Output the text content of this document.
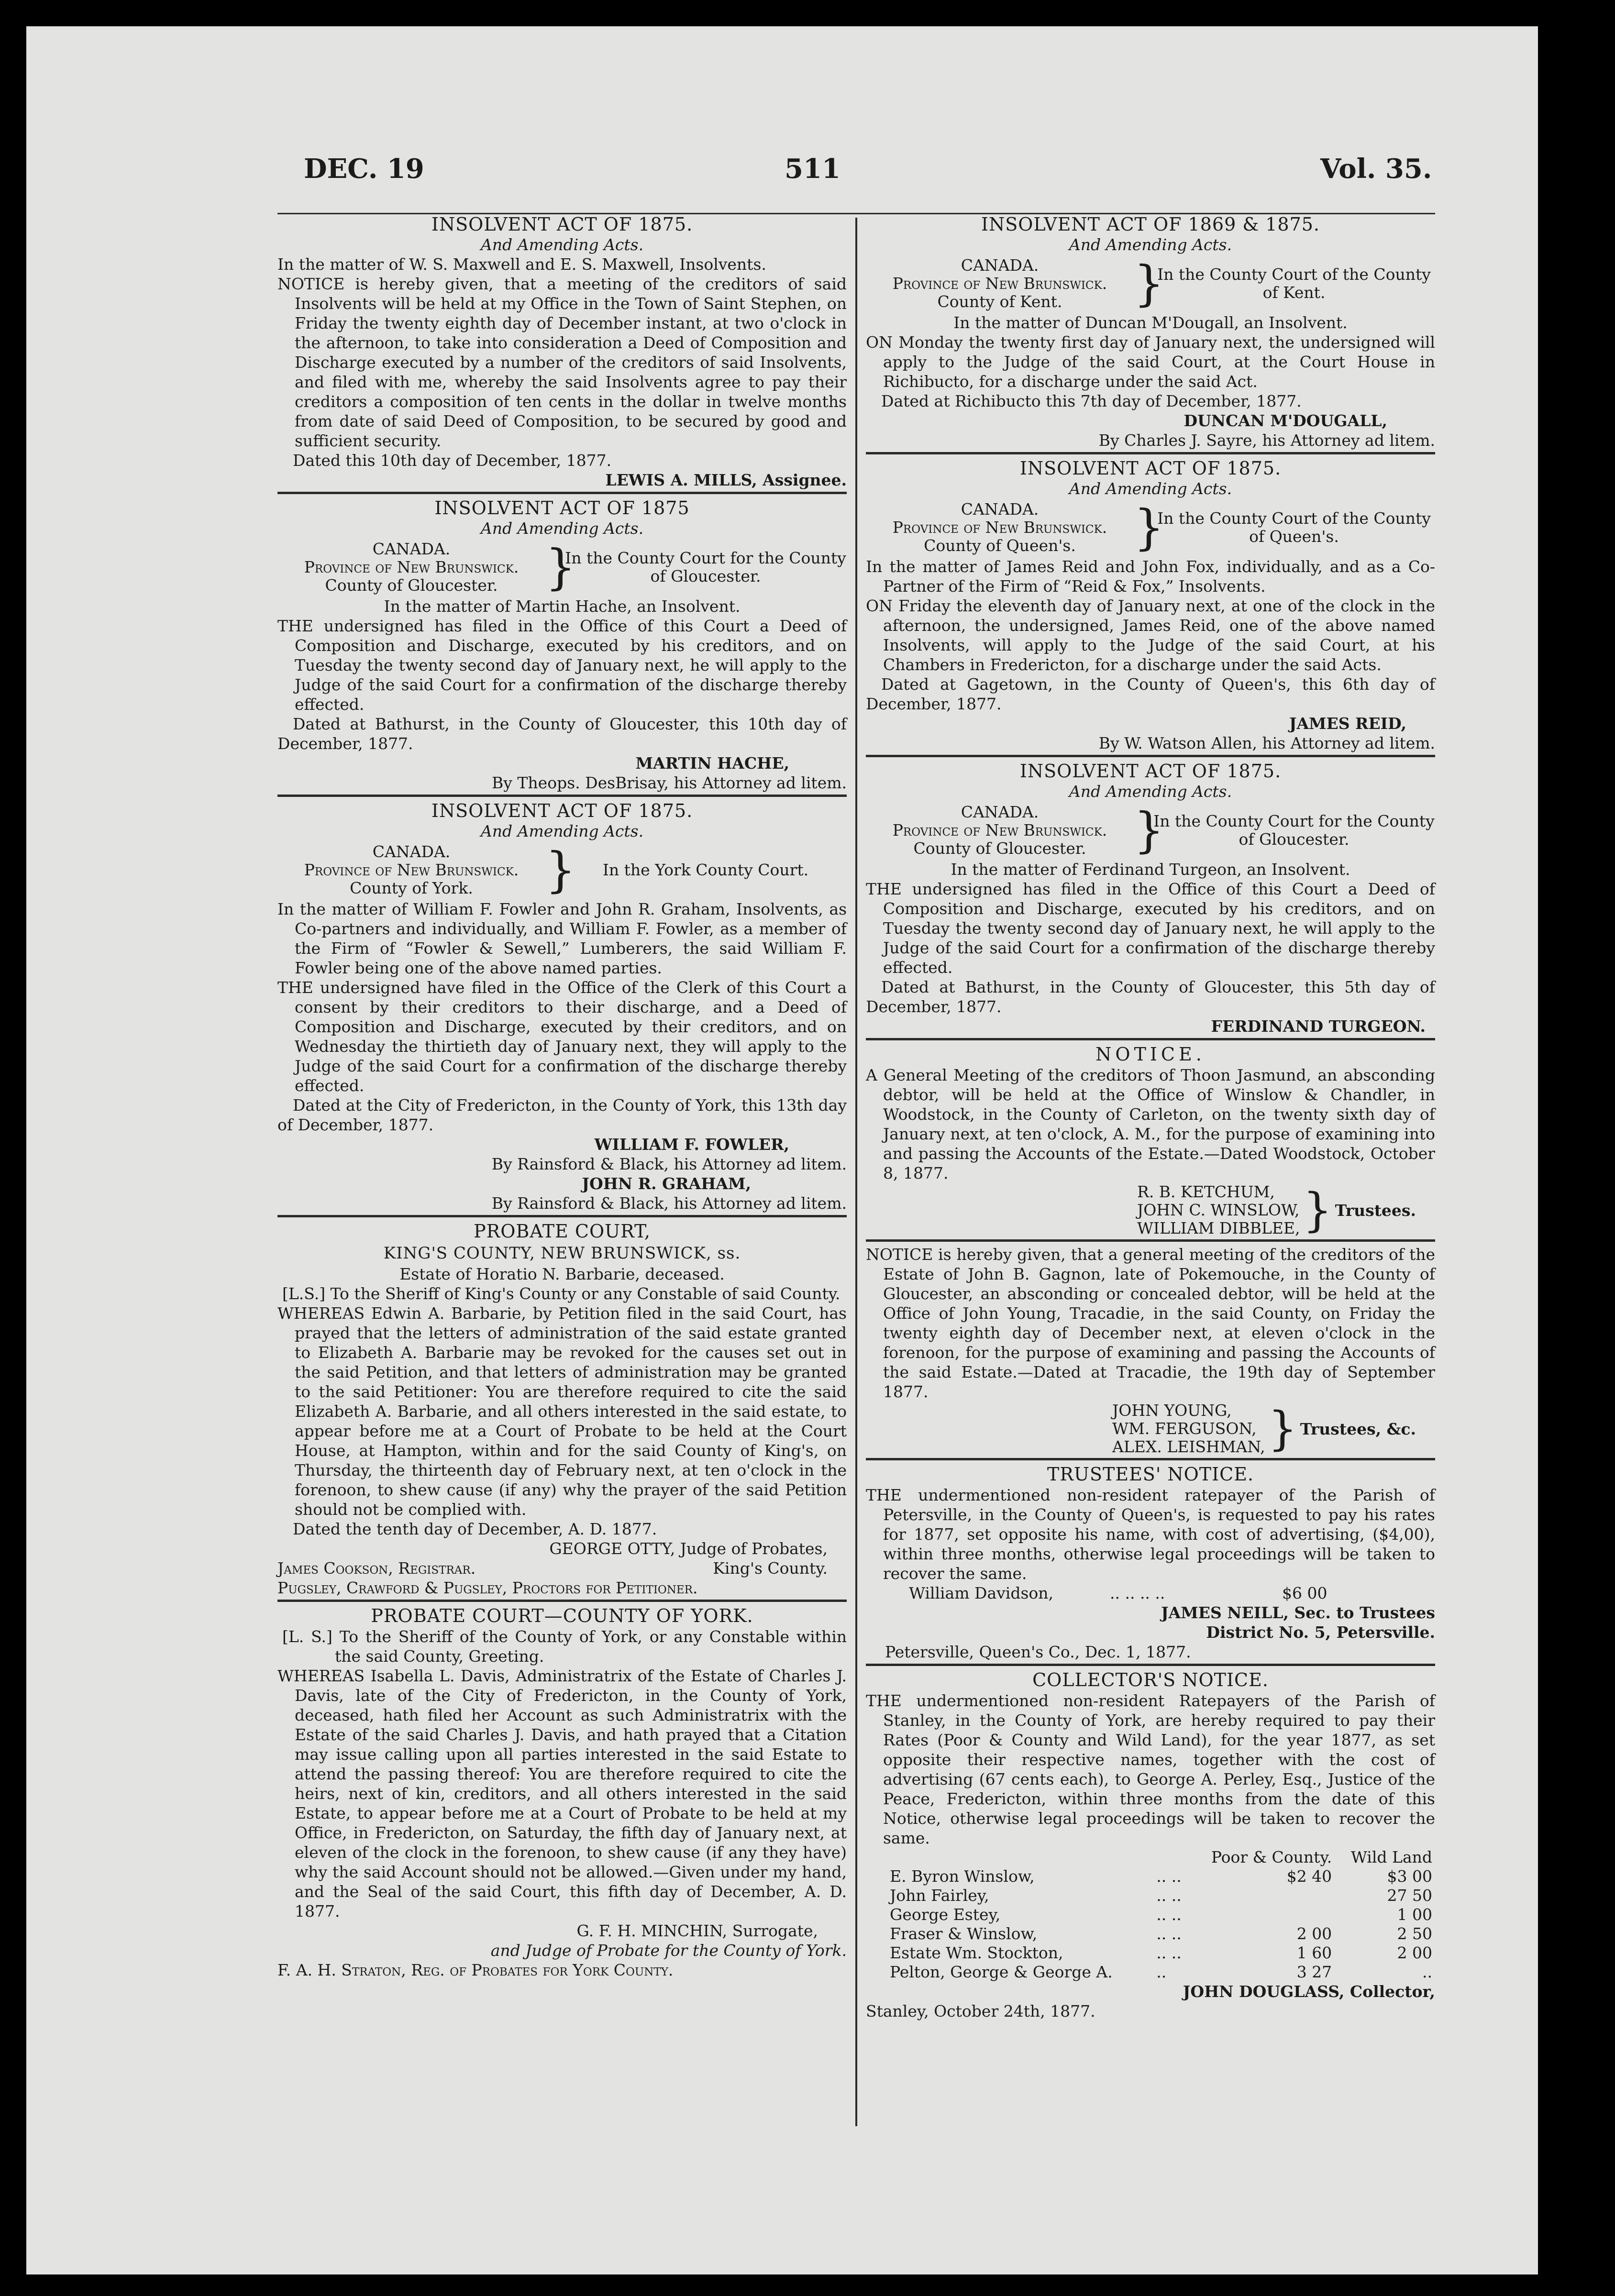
DEC. 19	511	Vol. 35.
INSOLVENT ACT OF 1875.
And Amending Acts.

In the matter of W. S. Maxwell and E. S. Maxwell, Insolvents.

NOTICE is hereby given, that a meeting of the creditors of said Insolvents will be held at my Office in the Town of Saint Stephen, on Friday the twenty eighth day of December instant, at two o'clock in the afternoon, to take into consideration a Deed of Composition and Discharge executed by a number of the creditors of said Insolvents, and filed with me, whereby the said Insolvents agree to pay their creditors a composition of ten cents in the dollar in twelve months from date of said Deed of Composition, to be secured by good and sufficient security.

Dated this 10th day of December, 1877.

LEWIS A. MILLS, Assignee.

INSOLVENT ACT OF 1875
And Amending Acts.
CANADA.
Province of New Brunswick.
County of Gloucester. }
In the County Court for the County of Gloucester.

In the matter of Martin Hache, an Insolvent.

THE undersigned has filed in the Office of this Court a Deed of Composition and Discharge, executed by his creditors, and on Tuesday the twenty second day of January next, he will apply to the Judge of the said Court for a confirmation of the discharge thereby effected.

Dated at Bathurst, in the County of Gloucester, this 10th day of December, 1877.

MARTIN HACHE,

By Theops. DesBrisay, his Attorney ad litem.

INSOLVENT ACT OF 1875.
And Amending Acts.
CANADA.
Province of New Brunswick.
County of York.	}	In the York County Court.

In the matter of William F. Fowler and John R. Graham, Insolvents, as Co-partners and individually, and William F. Fowler, as a member of the Firm of “Fowler & Sewell,” Lumberers, the said William F. Fowler being one of the above named parties.

THE undersigned have filed in the Office of the Clerk of this Court a consent by their creditors to their discharge, and a Deed of Composition and Discharge, executed by their creditors, and on Wednesday the thirtieth day of January next, they will apply to the Judge of the said Court for a confirmation of the discharge thereby effected.

Dated at the City of Fredericton, in the County of York, this 13th day of December, 1877.

WILLIAM F. FOWLER,

By Rainsford & Black, his Attorney ad litem.

JOHN R. GRAHAM,

By Rainsford & Black, his Attorney ad litem.

PROBATE COURT,
KING'S COUNTY, NEW BRUNSWICK, ss.

Estate of Horatio N. Barbarie, deceased.

[L.S.] To the Sheriff of King's County or any Constable of said County.

WHEREAS Edwin A. Barbarie, by Petition filed in the said Court, has prayed that the letters of administration of the said estate granted to Elizabeth A. Barbarie may be revoked for the causes set out in the said Petition, and that letters of administration may be granted to the said Petitioner: You are therefore required to cite the said Elizabeth A. Barbarie, and all others interested in the said estate, to appear before me at a Court of Probate to be held at the Court House, at Hampton, within and for the said County of King's, on Thursday, the thirteenth day of February next, at ten o'clock in the forenoon, to shew cause (if any) why the prayer of the said Petition should not be complied with.

Dated the tenth day of December, A. D. 1877.

GEORGE OTTY, Judge of Probates,

James Cookson, Registrar.	King's County.

Pugsley, Crawford & Pugsley, Proctors for Petitioner.

PROBATE COURT—COUNTY OF YORK.

[L. S.] To the Sheriff of the County of York, or any Constable within the said County, Greeting.

WHEREAS Isabella L. Davis, Administratrix of the Estate of Charles J. Davis, late of the City of Fredericton, in the County of York, deceased, hath filed her Account as such Administratrix with the Estate of the said Charles J. Davis, and hath prayed that a Citation may issue calling upon all parties interested in the said Estate to attend the passing thereof: You are therefore required to cite the heirs, next of kin, creditors, and all others interested in the said Estate, to appear before me at a Court of Probate to be held at my Office, in Fredericton, on Saturday, the fifth day of January next, at eleven of the clock in the forenoon, to shew cause (if any they have) why the said Account should not be allowed.—Given under my hand, and the Seal of the said Court, this fifth day of December, A. D. 1877.

G. F. H. MINCHIN, Surrogate,

and Judge of Probate for the County of York.

F. A. H. Straton, Reg. of Probates for York County.

INSOLVENT ACT OF 1869 & 1875.
And Amending Acts.
CANADA.
Province of New Brunswick.
County of Kent.	}
In the County Court of the County of Kent.

In the matter of Duncan M'Dougall, an Insolvent.

ON Monday the twenty first day of January next, the undersigned will apply to the Judge of the said Court, at the Court House in Richibucto, for a discharge under the said Act.

Dated at Richibucto this 7th day of December, 1877.

DUNCAN M'DOUGALL,

By Charles J. Sayre, his Attorney ad litem.

INSOLVENT ACT OF 1875.
And Amending Acts.
CANADA.
Province of New Brunswick.
County of Queen's.	}
In the County Court of the County of Queen's.

In the matter of James Reid and John Fox, individually, and as a Co-Partner of the Firm of “Reid & Fox,” Insolvents.

ON Friday the eleventh day of January next, at one of the clock in the afternoon, the undersigned, James Reid, one of the above named Insolvents, will apply to the Judge of the said Court, at his Chambers in Fredericton, for a discharge under the said Acts.

Dated at Gagetown, in the County of Queen's, this 6th day of December, 1877.

JAMES REID,

By W. Watson Allen, his Attorney ad litem.

INSOLVENT ACT OF 1875.
And Amending Acts.
CANADA.
Province of New Brunswick.
County of Gloucester. }
In the County Court for the County of Gloucester.

In the matter of Ferdinand Turgeon, an Insolvent.

THE undersigned has filed in the Office of this Court a Deed of Composition and Discharge, executed by his creditors, and on Tuesday the twenty second day of January next, he will apply to the Judge of the said Court for a confirmation of the discharge thereby effected.

Dated at Bathurst, in the County of Gloucester, this 5th day of December, 1877.

FERDINAND TURGEON.

NOTICE.

A General Meeting of the creditors of Thoon Jasmund, an absconding debtor, will be held at the Office of Winslow & Chandler, in Woodstock, in the County of Carleton, on the twenty sixth day of January next, at ten o'clock, A. M., for the purpose of examining into and passing the Accounts of the Estate.—Dated Woodstock, October 8, 1877.

R. B. KETCHUM,
JOHN C. WINSLOW,
WILLIAM DIBBLEE, } Trustees.

NOTICE is hereby given, that a general meeting of the creditors of the Estate of John B. Gagnon, late of Pokemouche, in the County of Gloucester, an absconding or concealed debtor, will be held at the Office of John Young, Tracadie, in the said County, on Friday the twenty eighth day of December next, at eleven o'clock in the forenoon, for the purpose of examining and passing the Accounts of the said Estate.—Dated at Tracadie, the 19th day of September 1877.

JOHN YOUNG,
WM. FERGUSON,
ALEX. LEISHMAN, } Trustees, &c.
TRUSTEES' NOTICE.

THE undermentioned non-resident ratepayer of the Parish of Petersville, in the County of Queen's, is requested to pay his rates for 1877, set opposite his name, with cost of advertising, ($4,00), within three months, otherwise legal proceedings will be taken to recover the same.

William Davidson,	.. .. .. ..	$6 00

JAMES NEILL, Sec. to Trustees

District No. 5, Petersville.

Petersville, Queen's Co., Dec. 1, 1877.

COLLECTOR'S NOTICE.

THE undermentioned non-resident Ratepayers of the Parish of Stanley, in the County of York, are hereby required to pay their Rates (Poor & County and Wild Land), for the year 1877, as set opposite their respective names, together with the cost of advertising (67 cents each), to George A. Perley, Esq., Justice of the Peace, Fredericton, within three months from the date of this Notice, otherwise legal proceedings will be taken to recover the same.

		Poor & County.	Wild Land
E. Byron Winslow,	.. ..	$2 40	$3 00
John Fairley,	.. ..		27 50
George Estey,	.. ..		1 00
Fraser & Winslow,	.. ..	2 00	2 50
Estate Wm. Stockton,	.. ..	1 60	2 00
Pelton, George & George A.	..	3 27	..

JOHN DOUGLASS, Collector,

Stanley, October 24th, 1877.
